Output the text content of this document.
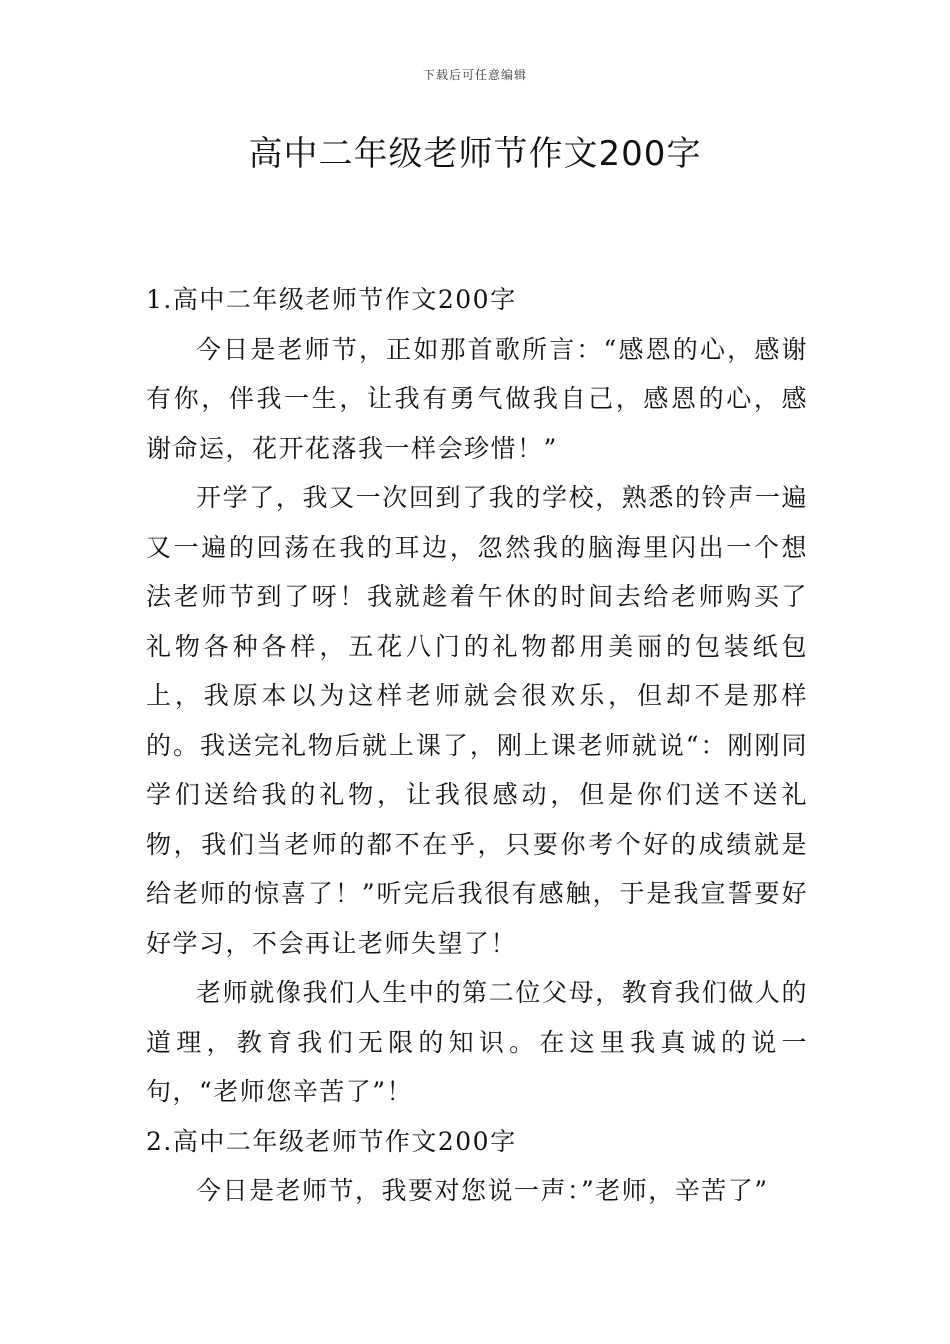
下载后可任意编辑
高中二年级老师节作文200字

1.高中二年级老师节作文200字

今日是老师节，正如那首歌所言：“感恩的心，感谢有你，伴我一生，让我有勇气做我自己，感恩的心，感谢命运，花开花落我一样会珍惜！”

开学了，我又一次回到了我的学校，熟悉的铃声一遍又一遍的回荡在我的耳边，忽然我的脑海里闪出一个想法老师节到了呀！我就趁着午休的时间去给老师购买了礼物各种各样，五花八门的礼物都用美丽的包装纸包上，我原本以为这样老师就会很欢乐，但却不是那样的。我送完礼物后就上课了，刚上课老师就说“：刚刚同学们送给我的礼物，让我很感动，但是你们送不送礼物，我们当老师的都不在乎，只要你考个好的成绩就是给老师的惊喜了！”听完后我很有感触，于是我宣誓要好好学习，不会再让老师失望了！

老师就像我们人生中的第二位父母，教育我们做人的道理，教育我们无限的知识。在这里我真诚的说一句，“老师您辛苦了”！

2.高中二年级老师节作文200字

今日是老师节，我要对您说一声：”老师，辛苦了”
